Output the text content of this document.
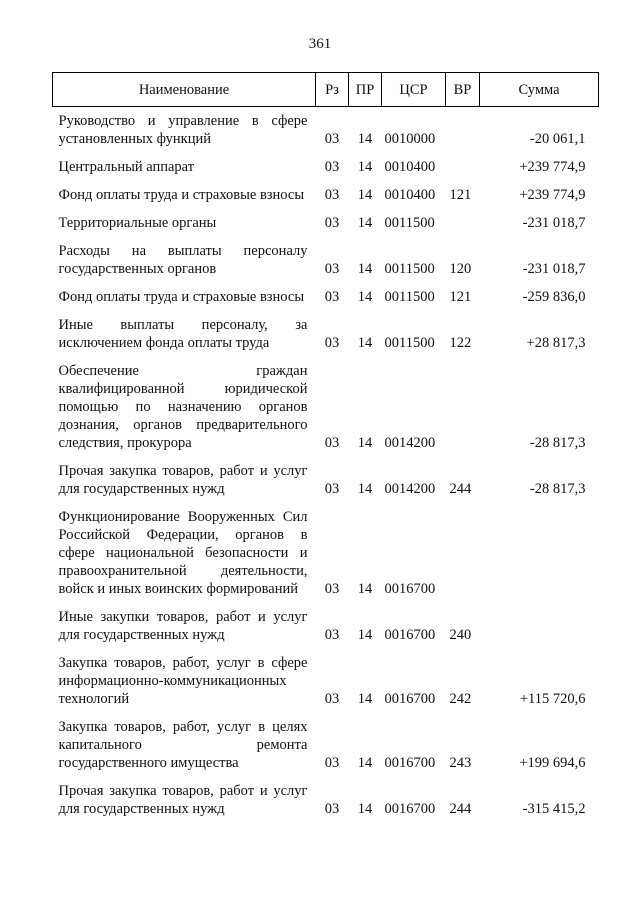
361
Наименование	Рз	ПР	ЦСР	ВР	Сумма
Руководство и управление в сфере установленных функций	03	14	0010000		-20 061,1
Центральный аппарат	03	14	0010400		+239 774,9
Фонд оплаты труда и страховые взносы	03	14	0010400	121	+239 774,9
Территориальные органы	03	14	0011500		-231 018,7
Расходы на выплаты персоналу государственных органов	03	14	0011500	120	-231 018,7
Фонд оплаты труда и страховые взносы	03	14	0011500	121	-259 836,0
Иные выплаты персоналу, за исключением фонда оплаты труда	03	14	0011500	122	+28 817,3
Обеспечение граждан квалифицированной юридической помощью по назначению органов дознания, органов предварительного следствия, прокурора	03	14	0014200		-28 817,3
Прочая закупка товаров, работ и услуг для государственных нужд	03	14	0014200	244	-28 817,3
Функционирование Вооруженных Сил Российской Федерации, органов в сфере национальной безопасности и правоохранительной деятельности, войск и иных воинских формирований	03	14	0016700		
Иные закупки товаров, работ и услуг для государственных нужд	03	14	0016700	240	
Закупка товаров, работ, услуг в сфере информационно-коммуникационных технологий	03	14	0016700	242	+115 720,6
Закупка товаров, работ, услуг в целях капитального ремонта государственного имущества	03	14	0016700	243	+199 694,6
Прочая закупка товаров, работ и услуг для государственных нужд	03	14	0016700	244	-315 415,2
